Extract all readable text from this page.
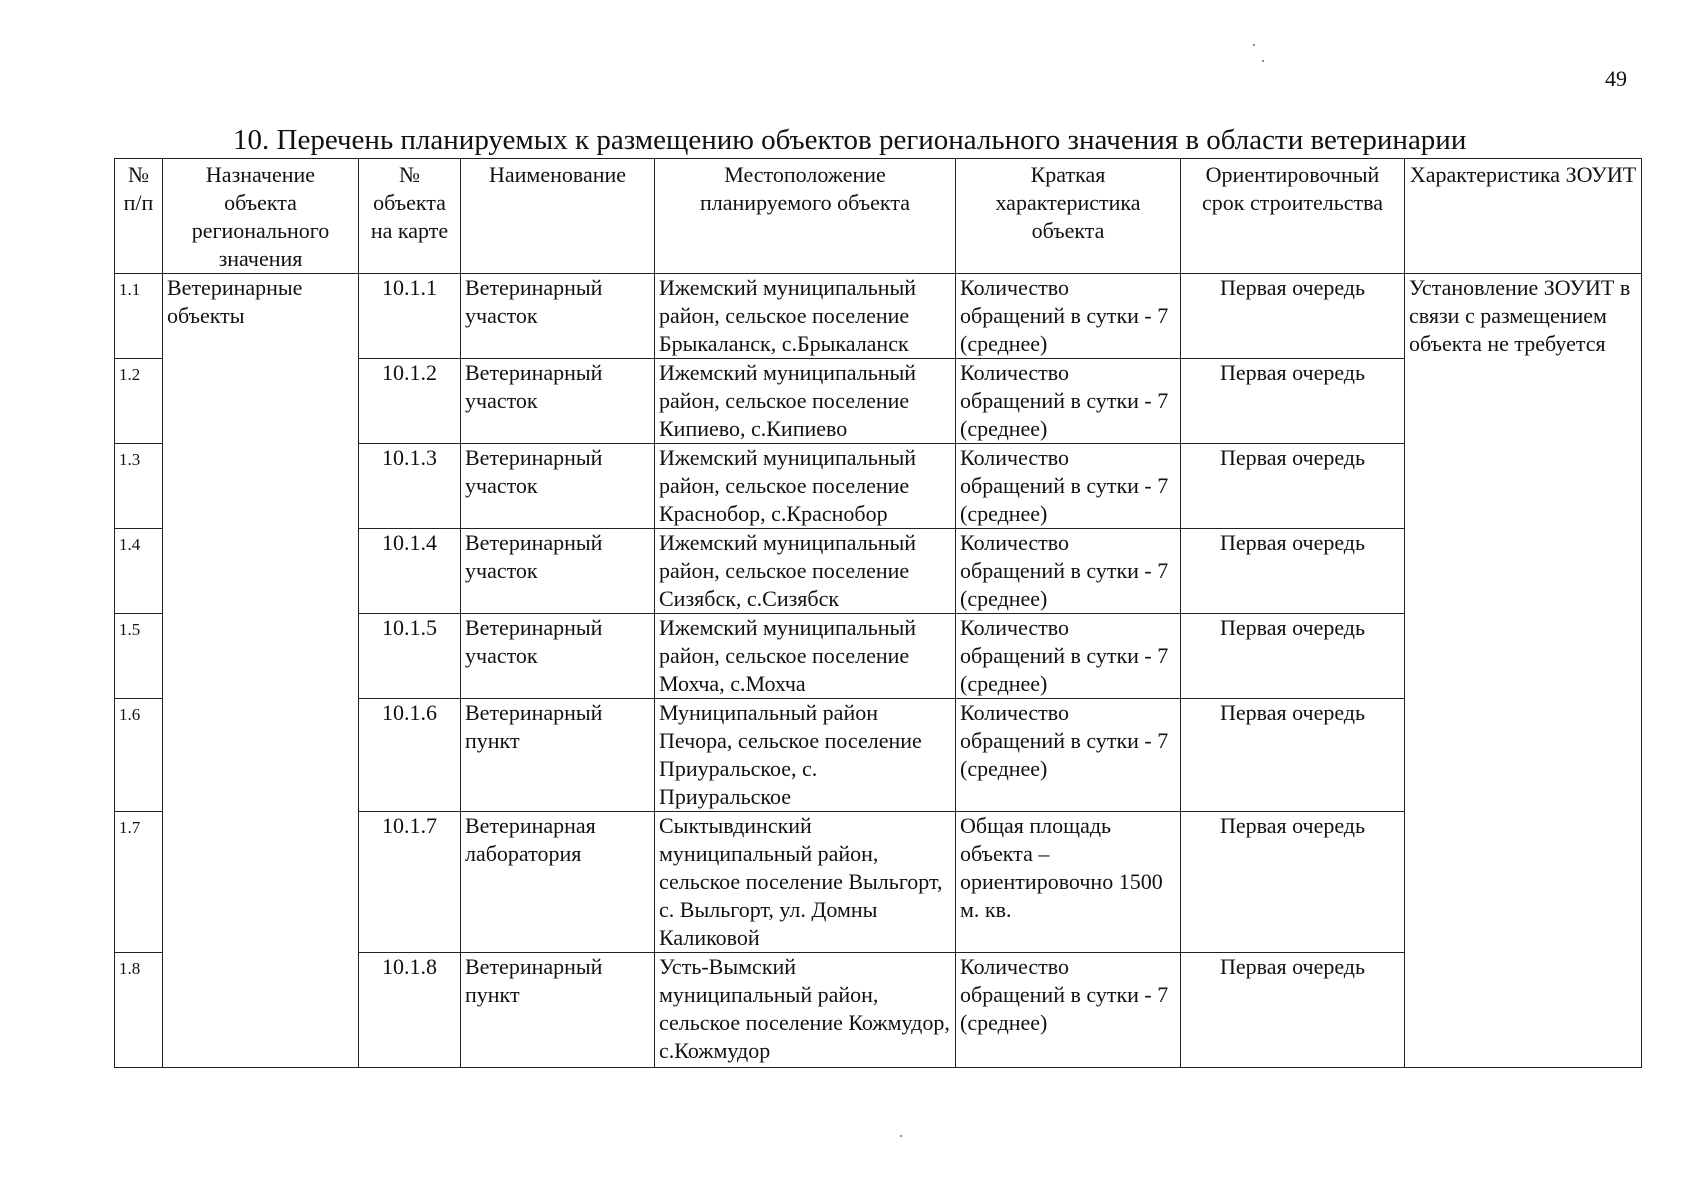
49
10. Перечень планируемых к размещению объектов регионального значения в области ветеринарии
№ п/п	Назначение объекта регионального значения	№ объекта на карте	Наименование	Местоположение планируемого объекта	Краткая характеристика объекта	Ориентировочный срок строительства	Характеристика ЗОУИТ
1.1	Ветеринарные объекты	10.1.1	Ветеринарный участок	Ижемский муниципальный район, сельское поселение Брыкаланск, с.Брыкаланск	Количество обращений в сутки - 7 (среднее)	Первая очередь	Установление ЗОУИТ в связи с размещением объекта не требуется
1.2		10.1.2	Ветеринарный участок	Ижемский муниципальный район, сельское поселение Кипиево, с.Кипиево	Количество обращений в сутки - 7 (среднее)	Первая очередь	
1.3		10.1.3	Ветеринарный участок	Ижемский муниципальный район, сельское поселение Краснобор, с.Краснобор	Количество обращений в сутки - 7 (среднее)	Первая очередь	
1.4		10.1.4	Ветеринарный участок	Ижемский муниципальный район, сельское поселение Сизябск, с.Сизябск	Количество обращений в сутки - 7 (среднее)	Первая очередь	
1.5		10.1.5	Ветеринарный участок	Ижемский муниципальный район, сельское поселение Мохча, с.Мохча	Количество обращений в сутки - 7 (среднее)	Первая очередь	
1.6		10.1.6	Ветеринарный пункт	Муниципальный район Печора, сельское поселение Приуральское, с. Приуральское	Количество обращений в сутки - 7 (среднее)	Первая очередь	
1.7		10.1.7	Ветеринарная лаборатория	Сыктывдинский муниципальный район, сельское поселение Выльгорт, с. Выльгорт, ул. Домны Каликовой	Общая площадь объекта – ориентировочно 1500 м. кв.	Первая очередь	
1.8		10.1.8	Ветеринарный пункт	Усть-Вымский муниципальный район, сельское поселение Кожмудор, с.Кожмудор	Количество обращений в сутки - 7 (среднее)	Первая очередь	
